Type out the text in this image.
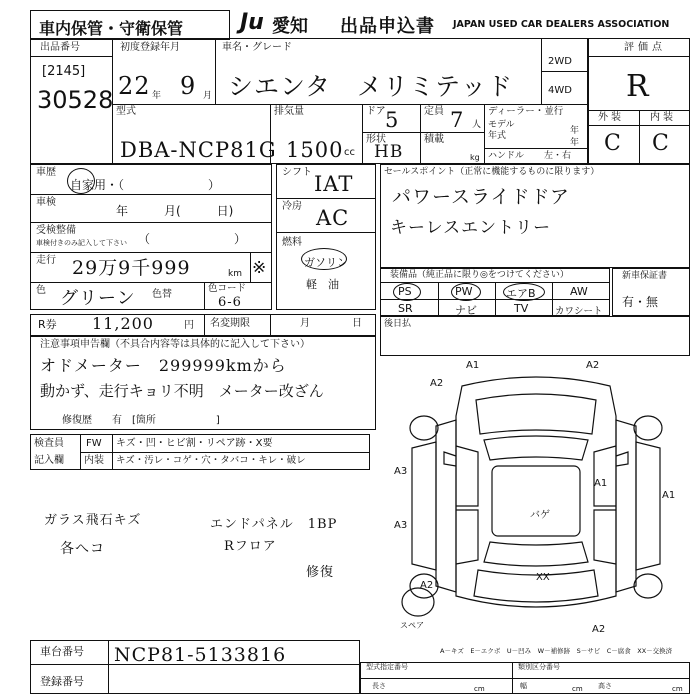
車内保管・守衛保管	Ju 愛知 出品申込書 JAPAN USED CAR DEALERS ASSOCIATION
出品番号
[2145]
30528
初度登録年月
22 年 9 月
車名・グレード
シエンタ　メリミテッド
2WD
4WD
評価点
R
外装	内装
C C
型式
DBA-NCP81G
排気量
1500 cc
ドア 5 定員 7 人
形状
HB
積載
kg
ディーラー・並行
モデル
年
年式
年
ハンドル 左・右
車歴
自家用・（　　　　　　　）
車検
年　　　月(　　　日)
受検整備
車検付きのみ記入して下さい （　　　　　　　）
走行 29万9千999	km ※
色 グリーン 色替
色コード
6-6
シフト IAT
冷房 AC
燃料
ガソリン
軽　油
セールスポイント（正常に機能するものに限ります）
パワースライドドア
キーレスエントリー
装備品（純正品に限り◎をつけてください）
PS	PW	エアB	AW
SR	ナビ	TV	カワシート
新車保証書
有・無
R券 11,200	円 名変期限	月	日 後日払
注意事項申告欄（不具合内容等は具体的に記入して下さい）
オドメーター　299999kmから
動かず、走行キョリ不明　メーター改ざん
修復歴 有　[箇所　　　　　　]
検査員
記入欄
FW キズ・凹・ヒビ割・リペア跡・X要
内装 キズ・汚レ・コゲ・穴・タバコ・キレ・破レ
ガラス飛石キズ	エンドパネル　1BP
Rフロア
各へコ
修復
A1	A2
A2
A3
A1
A3
A2
A2
A1
バゲ
XX
スペア
A－キズ　E－エクボ　U－凹み　W－補修跡　S－サビ　C－腐食　XX－交換済
車台番号 NCP81-5133816
登録番号
型式指定番号	類別区分番号
長さ	cm	幅	cm 高さ	cm
